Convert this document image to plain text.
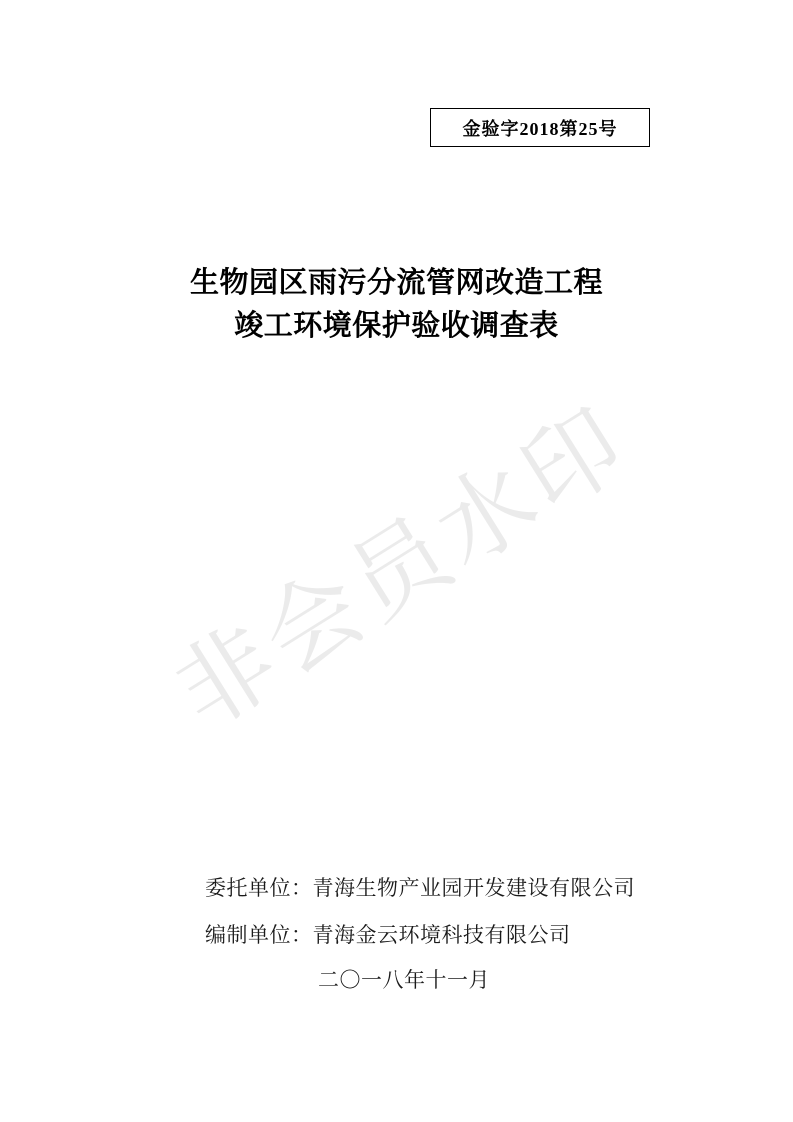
金验字2018第25号
生物园区雨污分流管网改造工程
竣工环境保护验收调查表
非会员水印
委托单位：青海生物产业园开发建设有限公司
编制单位：青海金云环境科技有限公司
二〇一八年十一月
